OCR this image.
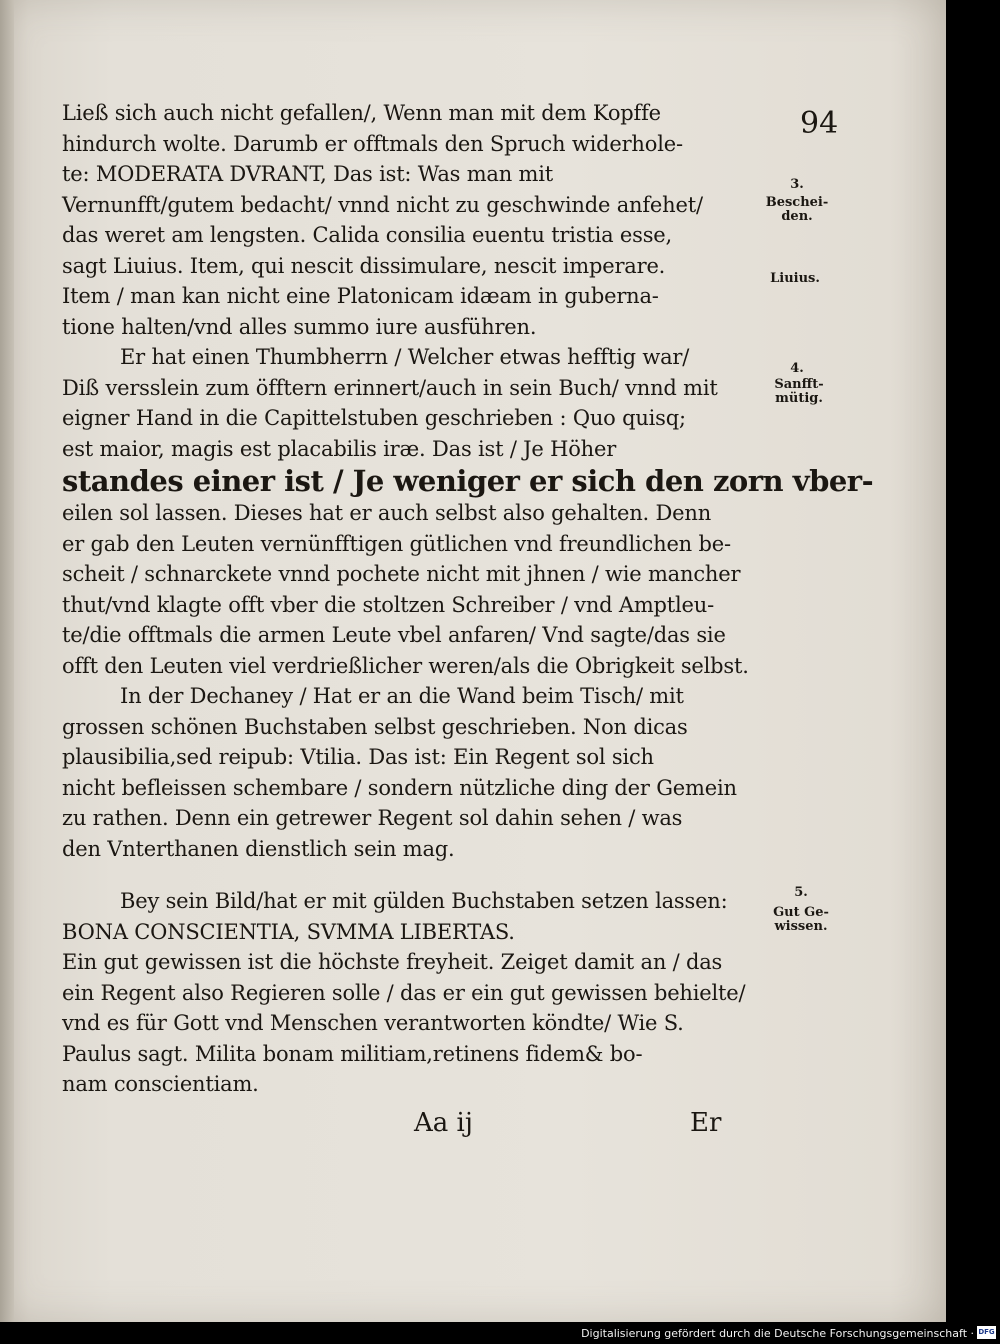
94
Ließ sich auch nicht gefallen/, Wenn man mit dem Kopffe
hindurch wolte. Darumb er offtmals den Spruch widerhole-
te: MODERATA DVRANT, Das ist: Was man mit
Vernunfft/gutem bedacht/ vnnd nicht zu geschwinde anfehet/
das weret am lengsten. Calida consilia euentu tristia esse,
sagt Liuius. Item, qui nescit dissimulare, nescit imperare.
Item / man kan nicht eine Platonicam idæam in guberna-
tione halten/vnd alles summo iure ausführen.
Er hat einen Thumbherrn / Welcher etwas hefftig war/
Diß versslein zum öfftern erinnert/auch in sein Buch/ vnnd mit
eigner Hand in die Capittelstuben geschrieben : Quo quisq;
est maior, magis est placabilis iræ. Das ist / Je Höher
standes einer ist / Je weniger er sich den zorn vber-
eilen sol lassen. Dieses hat er auch selbst also gehalten. Denn
er gab den Leuten vernünfftigen gütlichen vnd freundlichen be-
scheit / schnarckete vnnd pochete nicht mit jhnen / wie mancher
thut/vnd klagte offt vber die stoltzen Schreiber / vnd Amptleu-
te/die offtmals die armen Leute vbel anfaren/ Vnd sagte/das sie
offt den Leuten viel verdrießlicher weren/als die Obrigkeit selbst.
In der Dechaney / Hat er an die Wand beim Tisch/ mit
grossen schönen Buchstaben selbst geschrieben. Non dicas
plausibilia,sed reipub: Vtilia. Das ist: Ein Regent sol sich
nicht befleissen schembare / sondern nützliche ding der Gemein
zu rathen. Denn ein getrewer Regent sol dahin sehen / was
den Vnterthanen dienstlich sein mag.
Bey sein Bild/hat er mit gülden Buchstaben setzen lassen:
BONA CONSCIENTIA, SVMMA LIBERTAS.
Ein gut gewissen ist die höchste freyheit. Zeiget damit an / das
ein Regent also Regieren solle / das er ein gut gewissen behielte/
vnd es für Gott vnd Menschen verantworten köndte/ Wie S.
Paulus sagt. Milita bonam militiam,retinens fidem& bo-
nam conscientiam.
3.
Beschei-
den.
Liuius.
4.
Sanfft-
mütig.
5.
Gut Ge-
wissen.
Aa ij	Er
Digitalisierung gefördert durch die Deutsche Forschungsgemeinschaft · DFG
